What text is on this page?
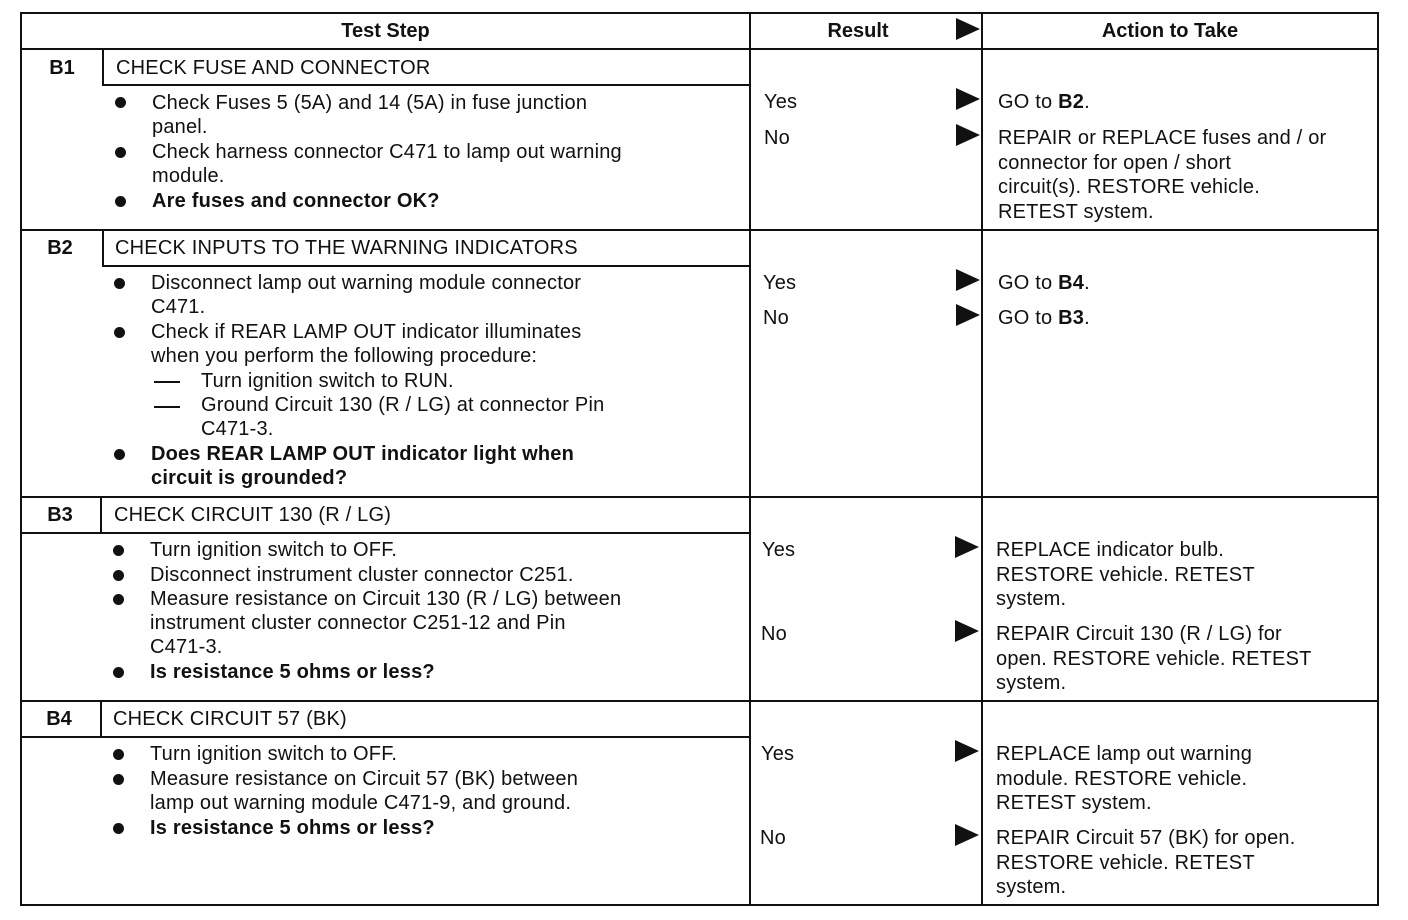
Test Step	Result	Action to Take
B1	CHECK FUSE AND CONNECTOR
Check Fuses 5 (5A) and 14 (5A) in fuse junction
panel.
Check harness connector C471 to lamp out warning
module.
Are fuses and connector OK?
Yes	GO to B2.
No	REPAIR or REPLACE fuses and / or
connector for open / short
circuit(s). RESTORE vehicle.
RETEST system.
B2	CHECK INPUTS TO THE WARNING INDICATORS
Disconnect lamp out warning module connector
C471.
Check if REAR LAMP OUT indicator illuminates
when you perform the following procedure:
Turn ignition switch to RUN.
Ground Circuit 130 (R / LG) at connector Pin
C471-3.
Does REAR LAMP OUT indicator light when
circuit is grounded?
Yes	GO to B4.
No	GO to B3.
B3	CHECK CIRCUIT 130 (R / LG)
Turn ignition switch to OFF.
Disconnect instrument cluster connector C251.
Measure resistance on Circuit 130 (R / LG) between
instrument cluster connector C251-12 and Pin
C471-3.
Is resistance 5 ohms or less?
Yes	REPLACE indicator bulb.
RESTORE vehicle. RETEST
system.
No	REPAIR Circuit 130 (R / LG) for
open. RESTORE vehicle. RETEST
system.
B4	CHECK CIRCUIT 57 (BK)
Turn ignition switch to OFF.
Measure resistance on Circuit 57 (BK) between
lamp out warning module C471-9, and ground.
Is resistance 5 ohms or less?
Yes	REPLACE lamp out warning
module. RESTORE vehicle.
RETEST system.
No	REPAIR Circuit 57 (BK) for open.
RESTORE vehicle. RETEST
system.
